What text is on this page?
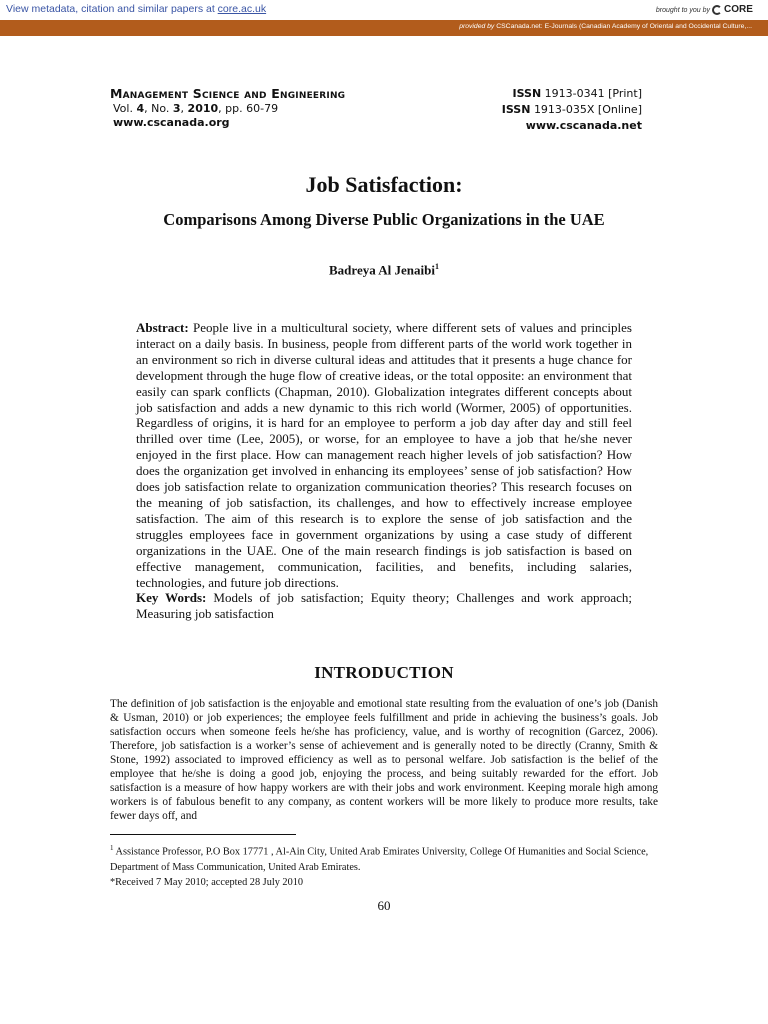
View metadata, citation and similar papers at core.ac.uk	brought to you by CORE
provided by CSCanada.net: E-Journals (Canadian Academy of Oriental and Occidental Culture,...
Management Science and Engineering
Vol. 4, No. 3, 2010, pp. 60-79
www.cscanada.org
ISSN 1913-0341 [Print]
ISSN 1913-035X [Online]
www.cscanada.net
Job Satisfaction:
Comparisons Among Diverse Public Organizations in the UAE
Badreya Al Jenaibi$^1$

Abstract: People live in a multicultural society, where different sets of values and principles interact on a daily basis. In business, people from different parts of the world work together in an environment so rich in diverse cultural ideas and attitudes that it presents a huge chance for development through the huge flow of creative ideas, or the total opposite: an environment that easily can spark conflicts (Chapman, 2010). Globalization integrates different concepts about job satisfaction and adds a new dynamic to this rich world (Wormer, 2005) of opportunities. Regardless of origins, it is hard for an employee to perform a job day after day and still feel thrilled over time (Lee, 2005), or worse, for an employee to have a job that he/she never enjoyed in the first place. How can management reach higher levels of job satisfaction? How does the organization get involved in enhancing its employees’ sense of job satisfaction? How does job satisfaction relate to organization communication theories? This research focuses on the meaning of job satisfaction, its challenges, and how to effectively increase employee satisfaction. The aim of this research is to explore the sense of job satisfaction and the struggles employees face in government organizations by using a case study of different organizations in the UAE. One of the main research findings is job satisfaction is based on effective management, communication, facilities, and benefits, including salaries, technologies, and future job directions.

Key Words: Models of job satisfaction; Equity theory; Challenges and work approach; Measuring job satisfaction

INTRODUCTION

The definition of job satisfaction is the enjoyable and emotional state resulting from the evaluation of one’s job (Danish & Usman, 2010) or job experiences; the employee feels fulfillment and pride in achieving the business’s goals. Job satisfaction occurs when someone feels he/she has proficiency, value, and is worthy of recognition (Garcez, 2006). Therefore, job satisfaction is a worker’s sense of achievement and is generally noted to be directly (Cranny, Smith & Stone, 1992) associated to improved efficiency as well as to personal welfare. Job satisfaction is the belief of the employee that he/she is doing a good job, enjoying the process, and being suitably rewarded for the effort. Job satisfaction is a measure of how happy workers are with their jobs and work environment. Keeping morale high among workers is of fabulous benefit to any company, as content workers will be more likely to produce more results, take fewer days off, and

$^1$ Assistance Professor, P.O Box 17771 , Al-Ain City, United Arab Emirates University, College Of Humanities and Social Science, Department of Mass Communication, United Arab Emirates.
*Received 7 May 2010; accepted 28 July 2010
60
